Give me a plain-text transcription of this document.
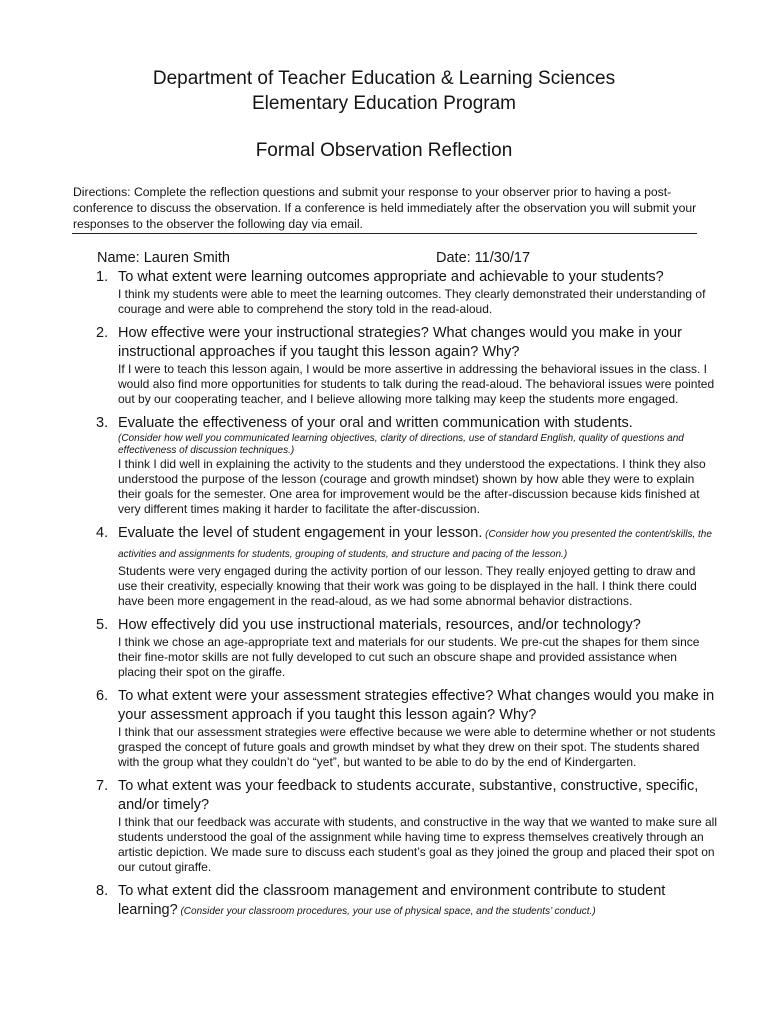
Department of Teacher Education & Learning Sciences
Elementary Education Program
Formal Observation Reflection
Directions: Complete the reflection questions and submit your response to your observer prior to having a post-conference to discuss the observation. If a conference is held immediately after the observation you will submit your responses to the observer the following day via email.
Name: Lauren Smith	Date: 11/30/17
1. To what extent were learning outcomes appropriate and achievable to your students?
I think my students were able to meet the learning outcomes. They clearly demonstrated their understanding of courage and were able to comprehend the story told in the read-aloud.
2. How effective were your instructional strategies? What changes would you make in your instructional approaches if you taught this lesson again? Why?
If I were to teach this lesson again, I would be more assertive in addressing the behavioral issues in the class. I would also find more opportunities for students to talk during the read-aloud. The behavioral issues were pointed out by our cooperating teacher, and I believe allowing more talking may keep the students more engaged.
3. Evaluate the effectiveness of your oral and written communication with students.
(Consider how well you communicated learning objectives, clarity of directions, use of standard English, quality of questions and effectiveness of discussion techniques.)
I think I did well in explaining the activity to the students and they understood the expectations. I think they also understood the purpose of the lesson (courage and growth mindset) shown by how able they were to explain their goals for the semester. One area for improvement would be the after-discussion because kids finished at very different times making it harder to facilitate the after-discussion.
4. Evaluate the level of student engagement in your lesson. (Consider how you presented the content/skills, the activities and assignments for students, grouping of students, and structure and pacing of the lesson.)
Students were very engaged during the activity portion of our lesson. They really enjoyed getting to draw and use their creativity, especially knowing that their work was going to be displayed in the hall. I think there could have been more engagement in the read-aloud, as we had some abnormal behavior distractions.
5. How effectively did you use instructional materials, resources, and/or technology?
I think we chose an age-appropriate text and materials for our students. We pre-cut the shapes for them since their fine-motor skills are not fully developed to cut such an obscure shape and provided assistance when placing their spot on the giraffe.
6. To what extent were your assessment strategies effective? What changes would you make in your assessment approach if you taught this lesson again? Why?
I think that our assessment strategies were effective because we were able to determine whether or not students grasped the concept of future goals and growth mindset by what they drew on their spot. The students shared with the group what they couldn’t do “yet”, but wanted to be able to do by the end of Kindergarten.
7. To what extent was your feedback to students accurate, substantive, constructive, specific, and/or timely?
I think that our feedback was accurate with students, and constructive in the way that we wanted to make sure all students understood the goal of the assignment while having time to express themselves creatively through an artistic depiction. We made sure to discuss each student’s goal as they joined the group and placed their spot on our cutout giraffe.
8. To what extent did the classroom management and environment contribute to student learning? (Consider your classroom procedures, your use of physical space, and the students’ conduct.)
